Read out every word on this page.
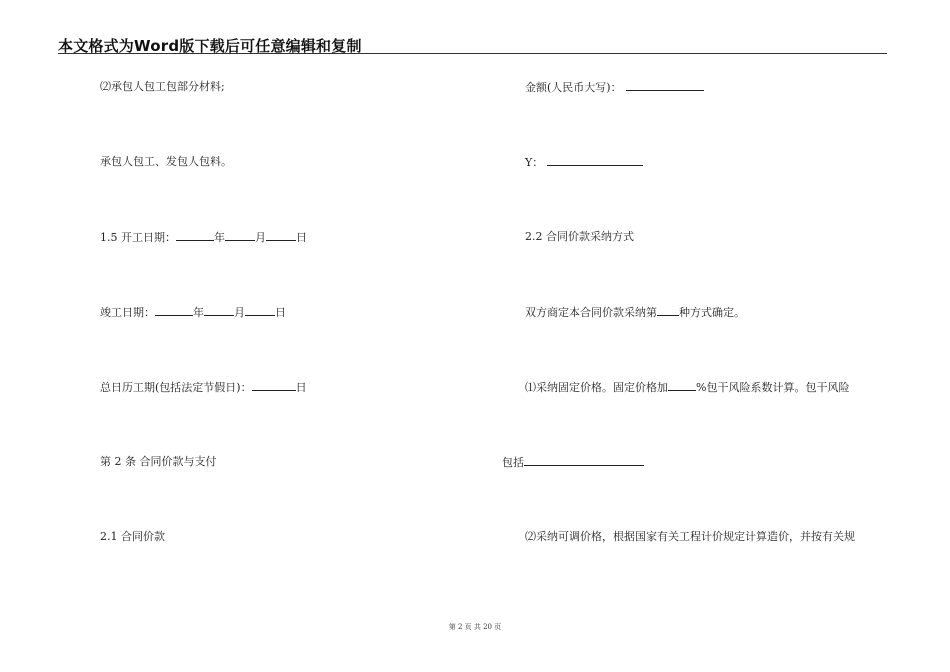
本文格式为Word版下载后可任意编辑和复制
⑵承包人包工包部分材料;
承包人包工、发包人包料。
1.5 开工日期：	年	月	日
竣工日期：	年	月	日
总日历工期(包括法定节假日)：	日
第 2 条 合同价款与支付
2.1 合同价款
金额(人民币大写)：
Y：
2.2 合同价款采纳方式
双方商定本合同价款采纳第 种方式确定。
⑴采纳固定价格。固定价格加	%包干风险系数计算。包干风险
包括
⑵采纳可调价格，根据国家有关工程计价规定计算造价，并按有关规
第 2 页 共 20 页
